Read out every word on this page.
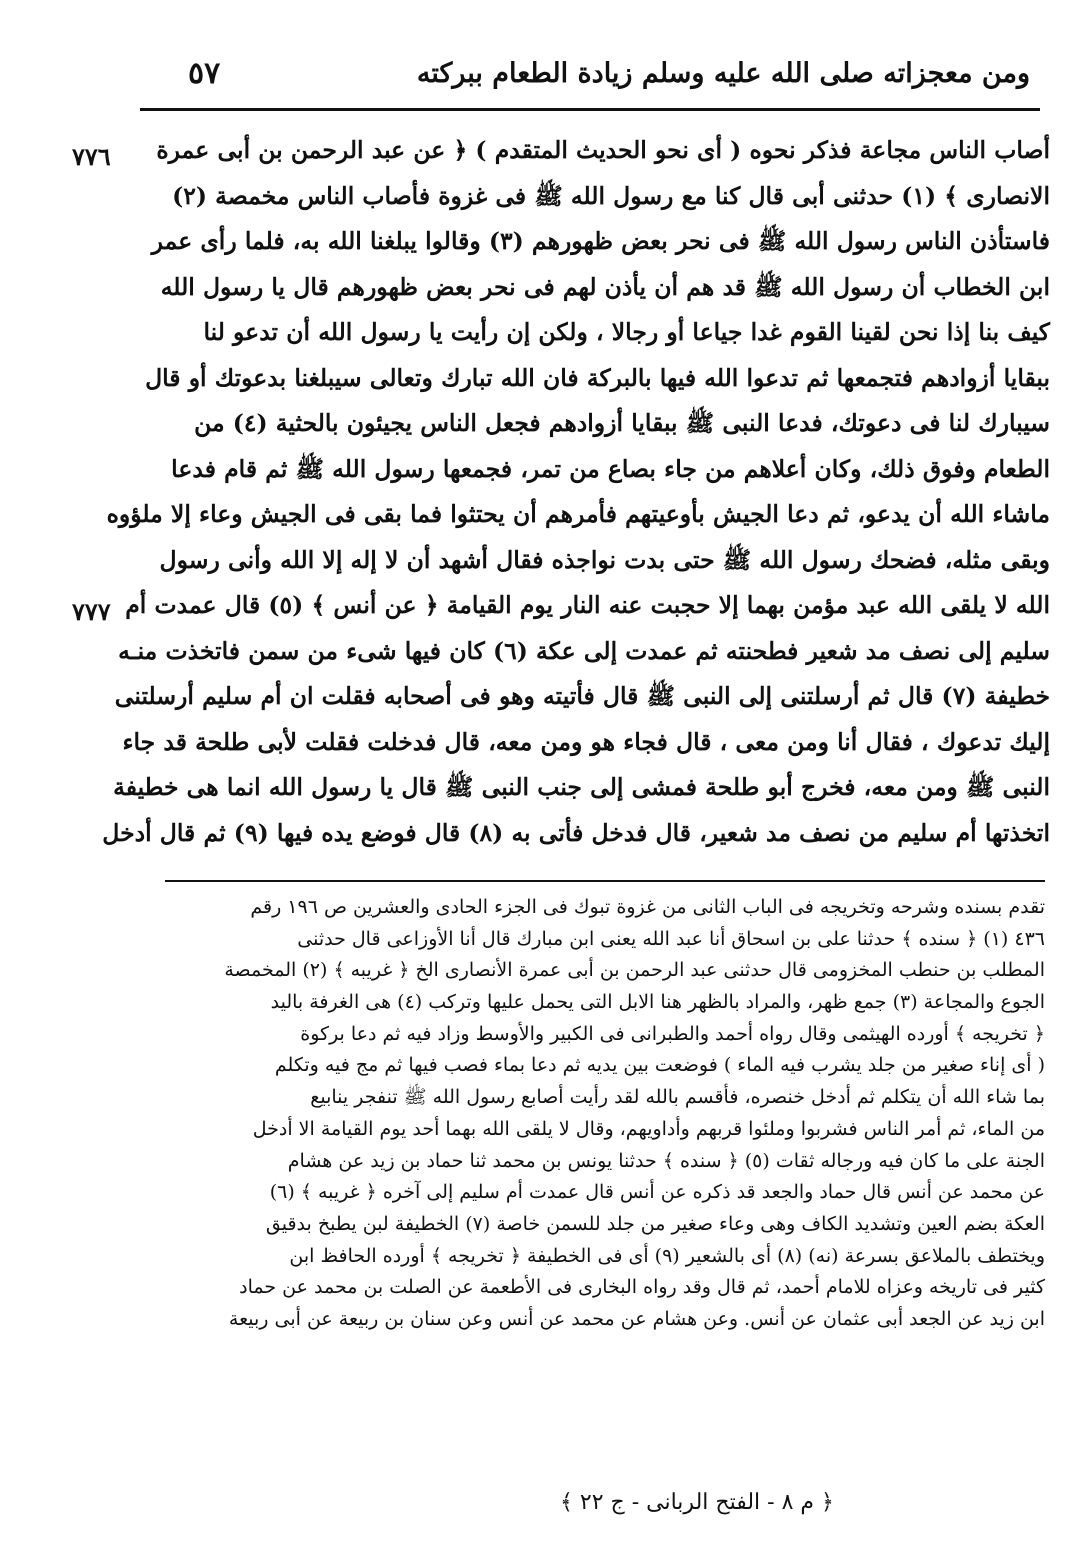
ومن معجزاته صلى الله عليه وسلم زيادة الطعام ببركته
٥٧
٧٧٦
٧٧٧
أصاب الناس مجاعة فذكر نحوه ( أى نحو الحديث المتقدم ) ﴿ عن عبد الرحمن بن أبى عمرة
الانصارى ﴾ (١) حدثنى أبى قال كنا مع رسول الله ﷺ فى غزوة فأصاب الناس مخمصة (٢)
فاستأذن الناس رسول الله ﷺ فى نحر بعض ظهورهم (٣) وقالوا يبلغنا الله به، فلما رأى عمر
ابن الخطاب أن رسول الله ﷺ قد هم أن يأذن لهم فى نحر بعض ظهورهم قال يا رسول الله
كيف بنا إذا نحن لقينا القوم غدا جياعا أو رجالا ، ولكن إن رأيت يا رسول الله أن تدعو لنا
ببقايا أزوادهم فتجمعها ثم تدعوا الله فيها بالبركة فان الله تبارك وتعالى سيبلغنا بدعوتك أو قال
سيبارك لنا فى دعوتك، فدعا النبى ﷺ ببقايا أزوادهم فجعل الناس يجيئون بالحثية (٤) من
الطعام وفوق ذلك، وكان أعلاهم من جاء بصاع من تمر، فجمعها رسول الله ﷺ ثم قام فدعا
ماشاء الله أن يدعو، ثم دعا الجيش بأوعيتهم فأمرهم أن يحتثوا فما بقى فى الجيش وعاء إلا ملؤوه
وبقى مثله، فضحك رسول الله ﷺ حتى بدت نواجذه فقال أشهد أن لا إله إلا الله وأنى رسول
الله لا يلقى الله عبد مؤمن بهما إلا حجبت عنه النار يوم القيامة ﴿ عن أنس ﴾ (٥) قال عمدت أم
سليم إلى نصف مد شعير فطحنته ثم عمدت إلى عكة (٦) كان فيها شىء من سمن فاتخذت منـه
خطيفة (٧) قال ثم أرسلتنى إلى النبى ﷺ قال فأتيته وهو فى أصحابه فقلت ان أم سليم أرسلتنى
إليك تدعوك ، فقال أنا ومن معى ، قال فجاء هو ومن معه، قال فدخلت فقلت لأبى طلحة قد جاء
النبى ﷺ ومن معه، فخرج أبو طلحة فمشى إلى جنب النبى ﷺ قال يا رسول الله انما هى خطيفة
اتخذتها أم سليم من نصف مد شعير، قال فدخل فأتى به (٨) قال فوضع يده فيها (٩) ثم قال أدخل
تقدم بسنده وشرحه وتخريجه فى الباب الثانى من غزوة تبوك فى الجزء الحادى والعشرين ص ١٩٦ رقم
٤٣٦ (١) ﴿ سنده ﴾ حدثنا على بن اسحاق أنا عبد الله يعنى ابن مبارك قال أنا الأوزاعى قال حدثنى
المطلب بن حنطب المخزومى قال حدثنى عبد الرحمن بن أبى عمرة الأنصارى الخ ﴿ غريبه ﴾ (٢) المخمصة
الجوع والمجاعة (٣) جمع ظهر، والمراد بالظهر هنا الابل التى يحمل عليها وتركب (٤) هى الغرفة باليد
﴿ تخريجه ﴾ أورده الهيثمى وقال رواه أحمد والطبرانى فى الكبير والأوسط وزاد فيه ثم دعا بركوة
( أى إناء صغير من جلد يشرب فيه الماء ) فوضعت بين يديه ثم دعا بماء فصب فيها ثم مج فيه وتكلم
بما شاء الله أن يتكلم ثم أدخل خنصره، فأقسم بالله لقد رأيت أصابع رسول الله ﷺ تنفجر ينابيع
من الماء، ثم أمر الناس فشربوا وملئوا قربهم وأداويهم، وقال لا يلقى الله بهما أحد يوم القيامة الا أدخل
الجنة على ما كان فيه ورجاله ثقات (٥) ﴿ سنده ﴾ حدثنا يونس بن محمد ثنا حماد بن زيد عن هشام
عن محمد عن أنس قال حماد والجعد قد ذكره عن أنس قال عمدت أم سليم إلى آخره ﴿ غريبه ﴾ (٦)
العكة بضم العين وتشديد الكاف وهى وعاء صغير من جلد للسمن خاصة (٧) الخطيفة لبن يطبخ بدقيق
ويختطف بالملاعق بسرعة (نه) (٨) أى بالشعير (٩) أى فى الخطيفة ﴿ تخريجه ﴾ أورده الحافظ ابن
كثير فى تاريخه وعزاه للامام أحمد، ثم قال وقد رواه البخارى فى الأطعمة عن الصلت بن محمد عن حماد
ابن زيد عن الجعد أبى عثمان عن أنس. وعن هشام عن محمد عن أنس وعن سنان بن ربيعة عن أبى ربيعة
﴿ م ٨ - الفتح الربانى - ج ٢٢ ﴾
